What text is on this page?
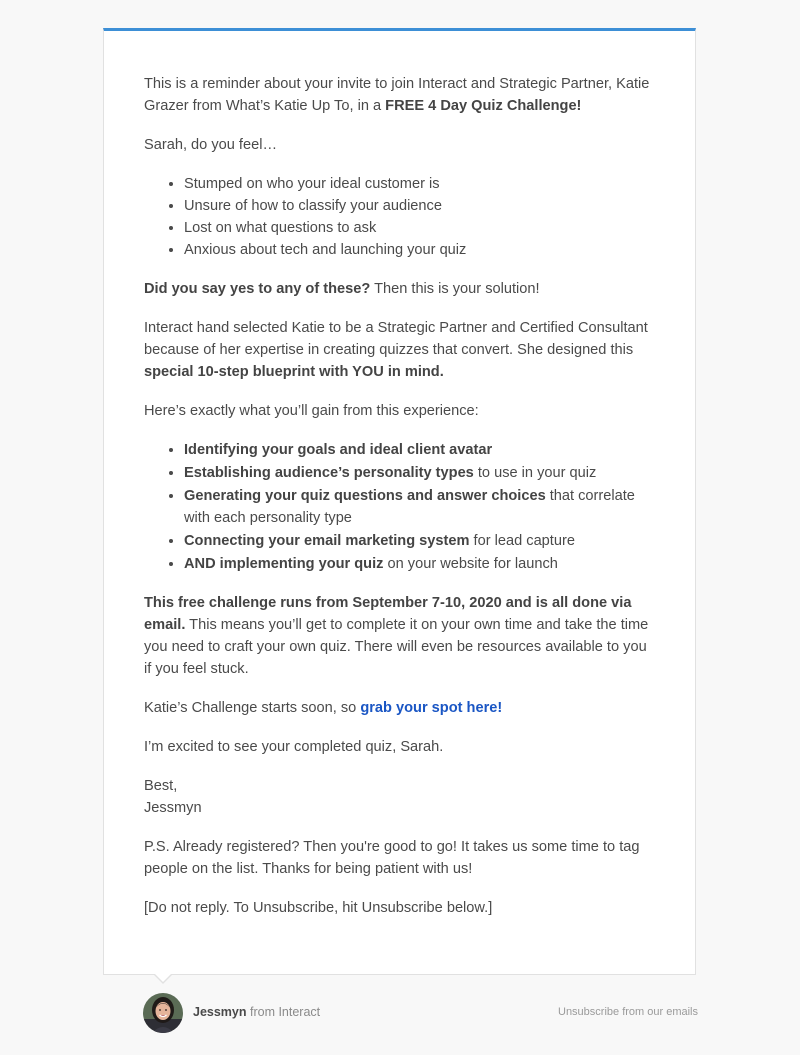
This is a reminder about your invite to join Interact and Strategic Partner, Katie Grazer from What’s Katie Up To, in a FREE 4 Day Quiz Challenge!

Sarah, do you feel…

• Stumped on who your ideal customer is
• Unsure of how to classify your audience
• Lost on what questions to ask
• Anxious about tech and launching your quiz

Did you say yes to any of these? Then this is your solution!

Interact hand selected Katie to be a Strategic Partner and Certified Consultant because of her expertise in creating quizzes that convert. She designed this special 10-step blueprint with YOU in mind.

Here’s exactly what you’ll gain from this experience:

• Identifying your goals and ideal client avatar
• Establishing audience’s personality types to use in your quiz
• Generating your quiz questions and answer choices that correlate with each personality type
• Connecting your email marketing system for lead capture
• AND implementing your quiz on your website for launch

This free challenge runs from September 7-10, 2020 and is all done via email. This means you’ll get to complete it on your own time and take the time you need to craft your own quiz. There will even be resources available to you if you feel stuck.

Katie’s Challenge starts soon, so grab your spot here!

I’m excited to see your completed quiz, Sarah.

Best,
Jessmyn

P.S. Already registered? Then you're good to go! It takes us some time to tag people on the list. Thanks for being patient with us!

[Do not reply. To Unsubscribe, hit Unsubscribe below.]

Jessmyn from Interact	Unsubscribe from our emails
